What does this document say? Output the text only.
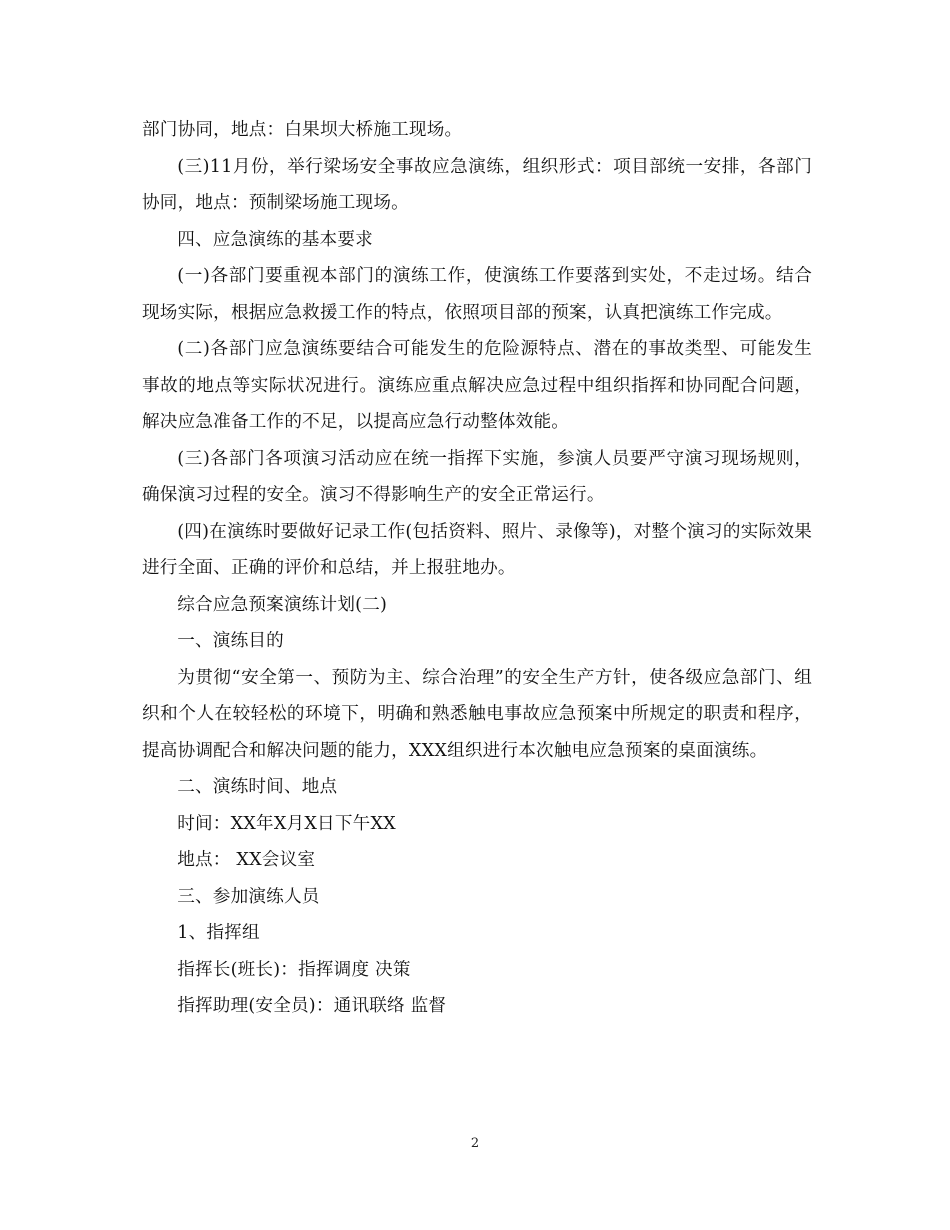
部门协同，地点：白果坝大桥施工现场。

(三)11月份，举行梁场安全事故应急演练，组织形式：项目部统一安排，各部门协同，地点：预制梁场施工现场。

四、应急演练的基本要求

(一)各部门要重视本部门的演练工作，使演练工作要落到实处，不走过场。结合现场实际，根据应急救援工作的特点，依照项目部的预案，认真把演练工作完成。

(二)各部门应急演练要结合可能发生的危险源特点、潜在的事故类型、可能发生事故的地点等实际状况进行。演练应重点解决应急过程中组织指挥和协同配合问题，解决应急准备工作的不足，以提高应急行动整体效能。

(三)各部门各项演习活动应在统一指挥下实施，参演人员要严守演习现场规则，确保演习过程的安全。演习不得影响生产的安全正常运行。

(四)在演练时要做好记录工作(包括资料、照片、录像等)，对整个演习的实际效果进行全面、正确的评价和总结，并上报驻地办。

综合应急预案演练计划(二)

一、演练目的

为贯彻“安全第一、预防为主、综合治理”的安全生产方针，使各级应急部门、组织和个人在较轻松的环境下，明确和熟悉触电事故应急预案中所规定的职责和程序，提高协调配合和解决问题的能力，XXX组织进行本次触电应急预案的桌面演练。

二、演练时间、地点

时间：XX年X月X日下午XX

地点： XX会议室

三、参加演练人员

1、指挥组

指挥长(班长)：指挥调度 决策

指挥助理(安全员)：通讯联络 监督

2
